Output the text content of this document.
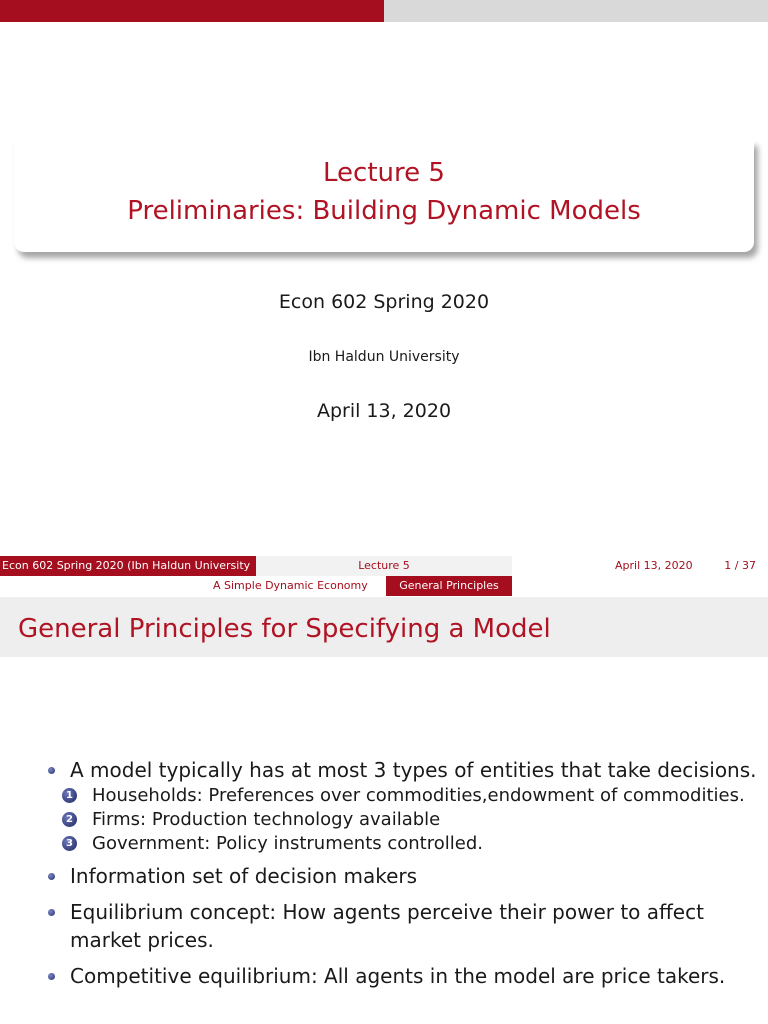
Lecture 5
Preliminaries: Building Dynamic Models
Econ 602 Spring 2020
Ibn Haldun University
April 13, 2020
Econ 602 Spring 2020 (Ibn Haldun University	Lecture 5	April 13, 2020	1 / 37
A Simple Dynamic Economy	General Principles
General Principles for Specifying a Model
A model typically has at most 3 types of entities that take decisions.
1 Households: Preferences over commodities,endowment of commodities.
2 Firms: Production technology available
3 Government: Policy instruments controlled.
Information set of decision makers
Equilibrium concept: How agents perceive their power to affect market prices.
Competitive equilibrium: All agents in the model are price takers.
